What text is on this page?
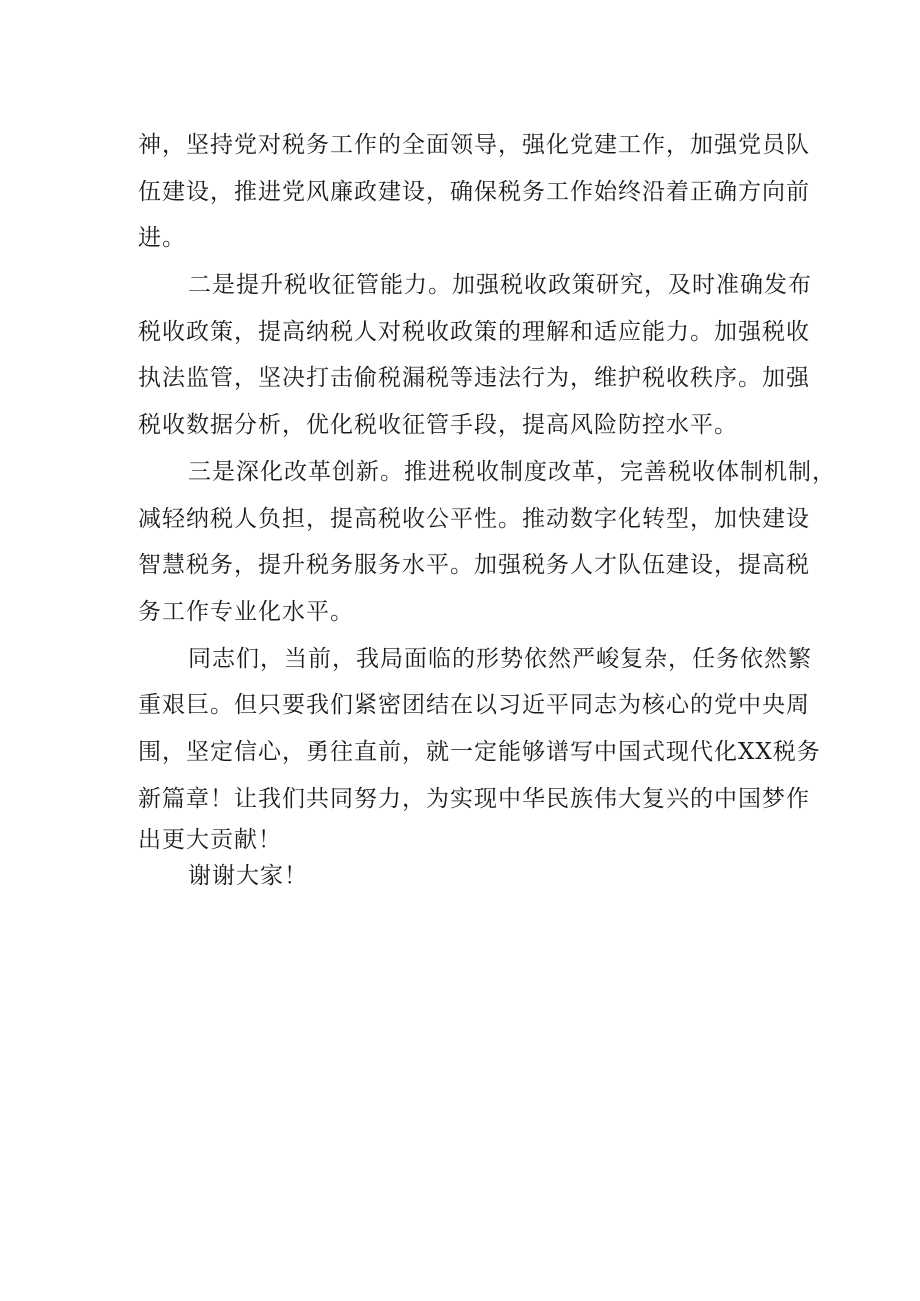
神，坚持党对税务工作的全面领导，强化党建工作，加强党员队
伍建设，推进党风廉政建设，确保税务工作始终沿着正确方向前
进。
二是提升税收征管能力。加强税收政策研究，及时准确发布
税收政策，提高纳税人对税收政策的理解和适应能力。加强税收
执法监管，坚决打击偷税漏税等违法行为，维护税收秩序。加强
税收数据分析，优化税收征管手段，提高风险防控水平。
三是深化改革创新。推进税收制度改革，完善税收体制机制，
减轻纳税人负担，提高税收公平性。推动数字化转型，加快建设
智慧税务，提升税务服务水平。加强税务人才队伍建设，提高税
务工作专业化水平。
同志们，当前，我局面临的形势依然严峻复杂，任务依然繁
重艰巨。但只要我们紧密团结在以习近平同志为核心的党中央周
围，坚定信心，勇往直前，就一定能够谱写中国式现代化XX税务
新篇章！让我们共同努力，为实现中华民族伟大复兴的中国梦作
出更大贡献！
谢谢大家！
